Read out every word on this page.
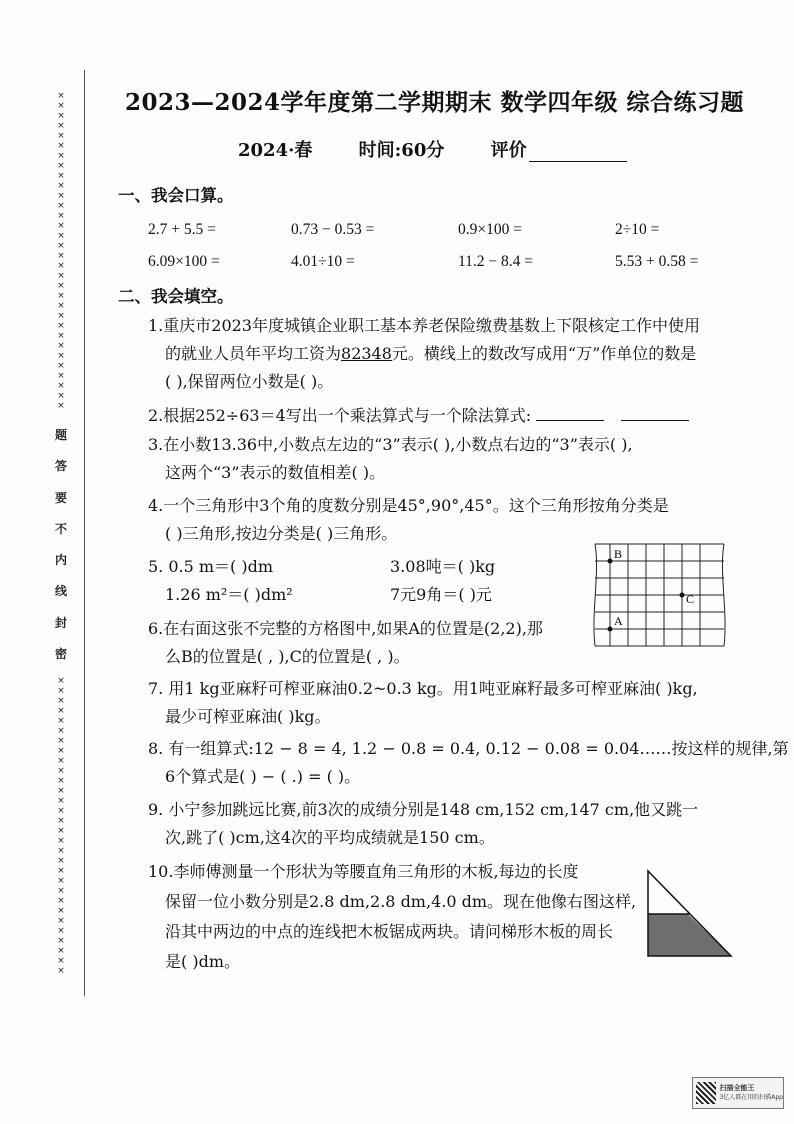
×
×
×
×
×
×
×
×
×
×
×
×
×
×
×
×
×
×
×
×
×
×
×
×
×
×
×
×
×
×
×
×
题
答
要
不
内
线
封
密
×
×
×
×
×
×
×
×
×
×
×
×
×
×
×
×
×
×
×
×
×
×
×
×
×
×
×
×
×
×
2023—2024学年度第二学期期末 数学四年级 综合练习题
2024·春	时间:60分	评价
一、我会口算。
2.7 + 5.5 =	0.73 − 0.53 =	0.9×100 =	2÷10 =
6.09×100 =	4.01÷10 =	11.2 − 8.4 =	5.53 + 0.58 =
二、我会填空。
1.重庆市2023年度城镇企业职工基本养老保险缴费基数上下限核定工作中使用
的就业人员年平均工资为82348元。横线上的数改写成用“万”作单位的数是
( ),保留两位小数是( )。
2.根据252÷63＝4写出一个乘法算式与一个除法算式:
3.在小数13.36中,小数点左边的“3”表示( ),小数点右边的“3”表示( ),
这两个“3”表示的数值相差( )。
4.一个三角形中3个角的度数分别是45°,90°,45°。这个三角形按角分类是
( )三角形,按边分类是( )三角形。
5. 0.5 m＝( )dm	3.08吨＝( )kg
1.26 m²＝( )dm²	7元9角＝( )元
6.在右面这张不完整的方格图中,如果A的位置是(2,2),那
么B的位置是( , ),C的位置是( , )。
7. 用1 kg亚麻籽可榨亚麻油0.2~0.3 kg。用1吨亚麻籽最多可榨亚麻油( )kg,
最少可榨亚麻油( )kg。
8. 有一组算式:12 − 8 = 4, 1.2 − 0.8 = 0.4, 0.12 − 0.08 = 0.04……按这样的规律,第
6个算式是( ) − ( .) = ( )。
9. 小宁参加跳远比赛,前3次的成绩分别是148 cm,152 cm,147 cm,他又跳一
次,跳了( )cm,这4次的平均成绩就是150 cm。
10.李师傅测量一个形状为等腰直角三角形的木板,每边的长度
保留一位小数分别是2.8 dm,2.8 dm,4.0 dm。现在他像右图这样,
沿其中两边的中点的连线把木板锯成两块。请问梯形木板的周长
是( )dm。
B
C
A
扫描全能王
3亿人都在用的扫描App
